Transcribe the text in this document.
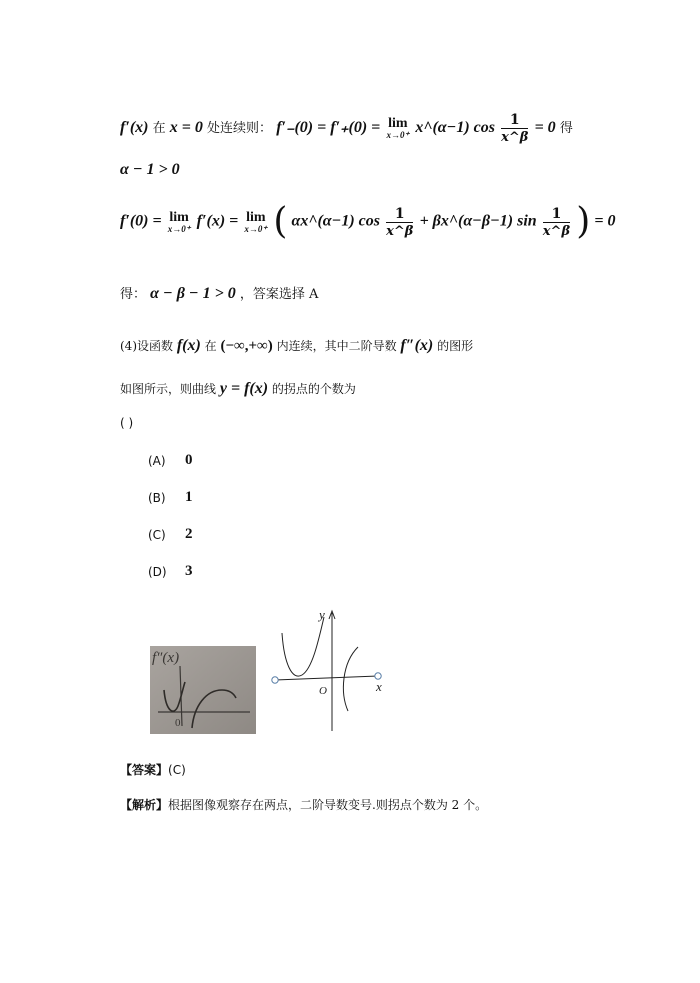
f′(x) 在 x = 0 处连续则： f′₋(0) = f′₊(0) = lim
x→0⁺ x^(α−1) $\cos \frac{1}{x\^{}\beta} = 0$ 得
α − 1 > 0
f′(0) = lim
x→0⁺ f′(x) = lim
x→0⁺ ( αx^(α−1) $\cos \frac{1}{x\^{}\beta}$ + βx^(α−β−1) $\sin \frac{1}{x\^{}\beta}$ ) = 0
得： α − β − 1 > 0 ，答案选择 A
(4)设函数 f(x) 在 (−∞,+∞) 内连续，其中二阶导数 f″(x) 的图形
如图所示，则曲线 y = f(x) 的拐点的个数为
( )
(A) 0
(B) 1
(C) 2
(D) 3
f″(x)
0
y
x
O
【答案】(C)
【解析】根据图像观察存在两点，二阶导数变号.则拐点个数为 2 个。
